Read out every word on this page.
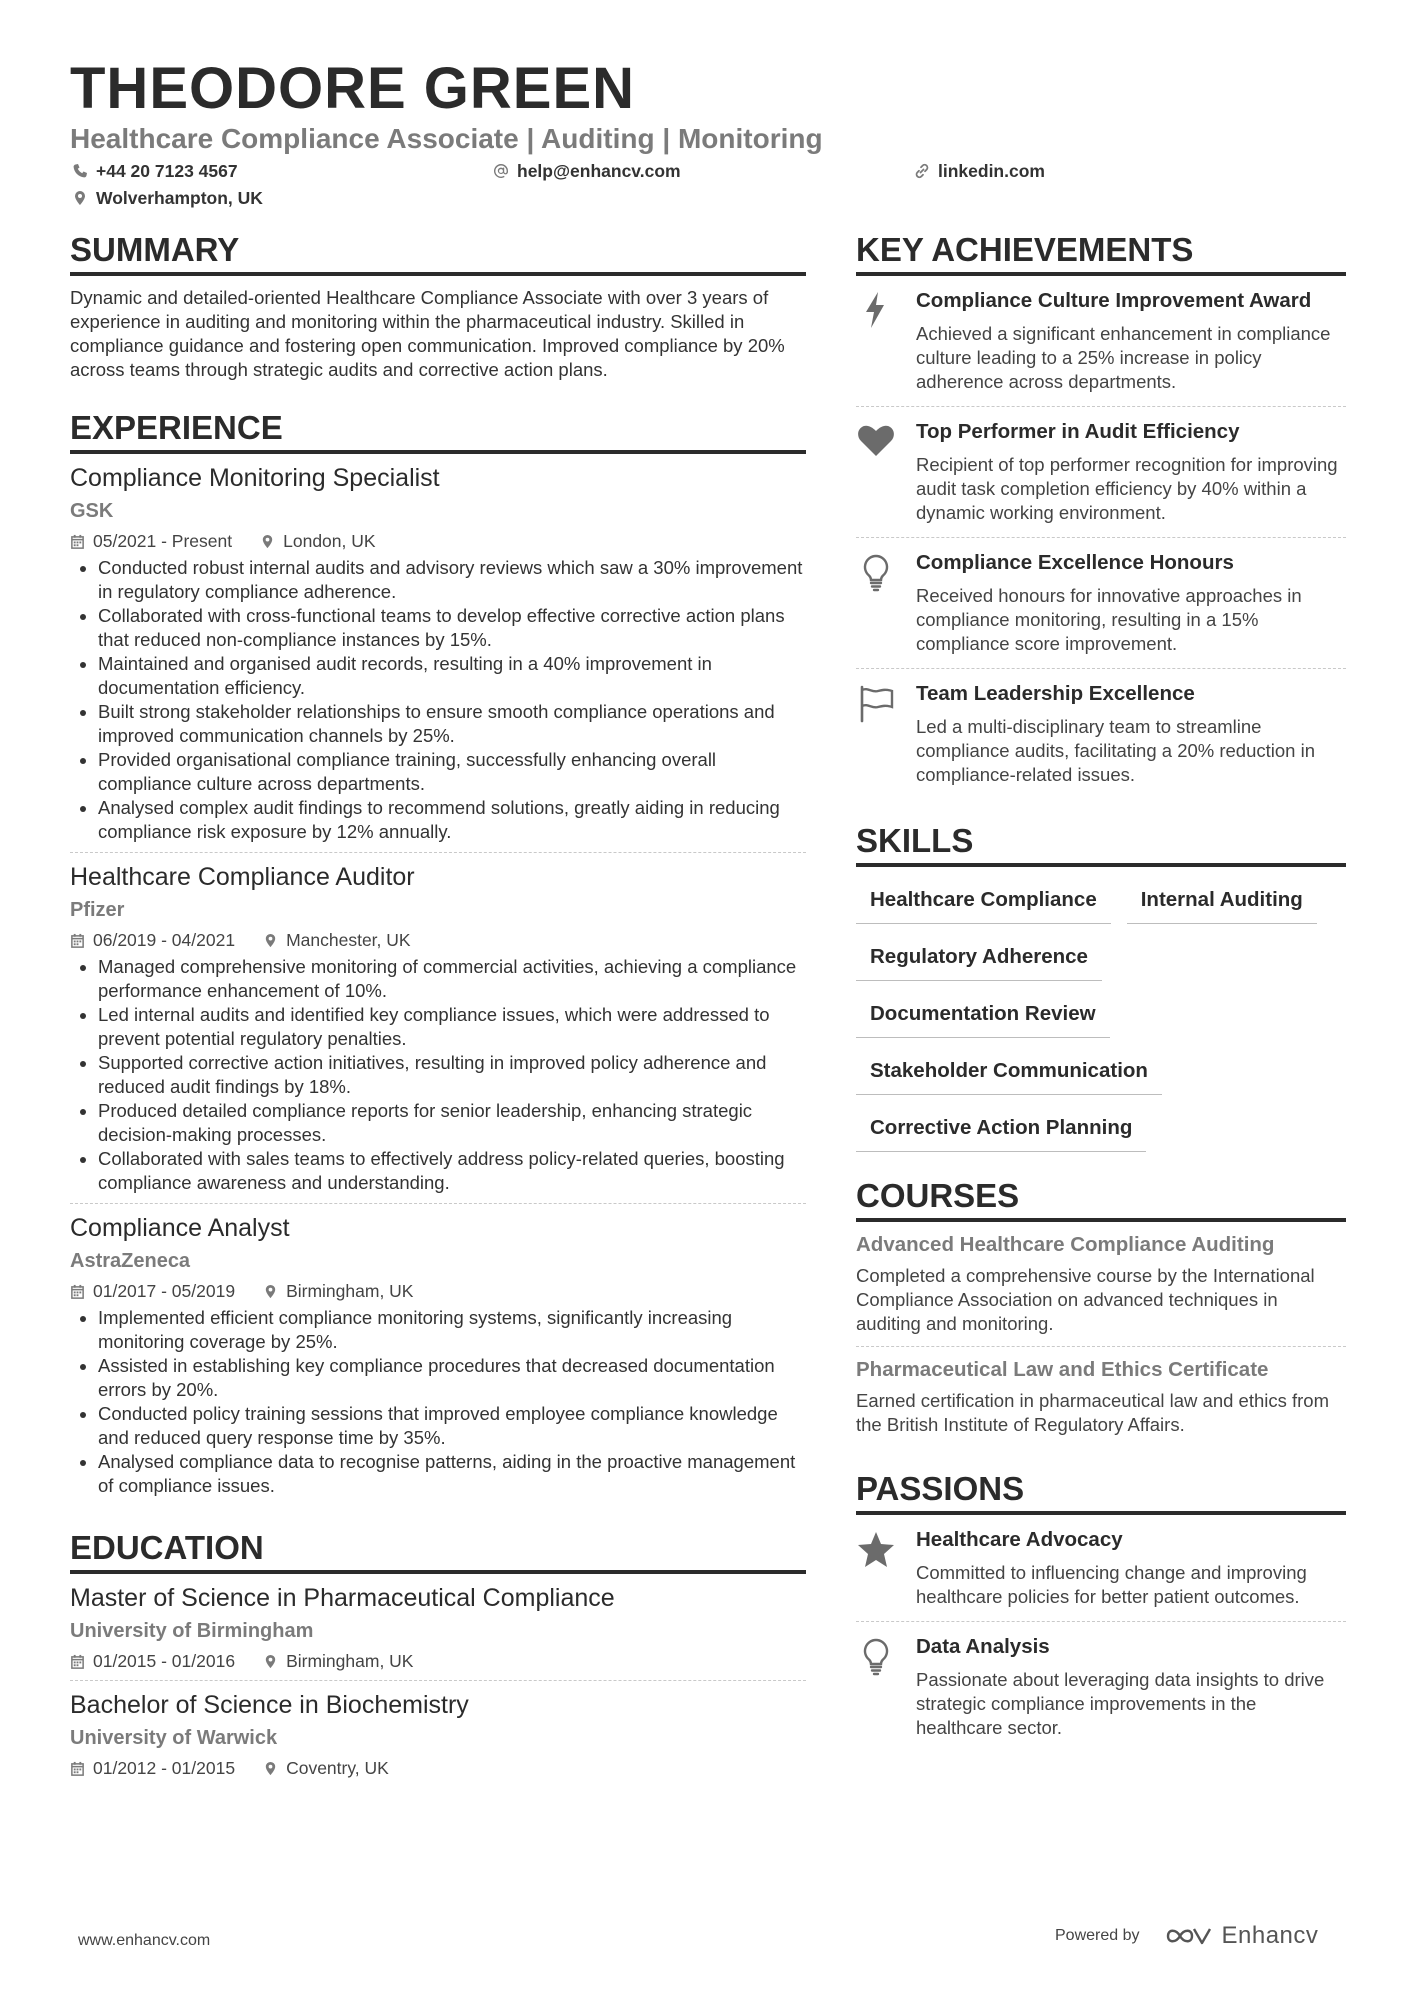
THEODORE GREEN
Healthcare Compliance Associate | Auditing | Monitoring
+44 20 7123 4567	help@enhancv.com	linkedin.com
Wolverhampton, UK
SUMMARY

Dynamic and detailed-oriented Healthcare Compliance Associate with over 3 years of experience in auditing and monitoring within the pharmaceutical industry. Skilled in compliance guidance and fostering open communication. Improved compliance by 20% across teams through strategic audits and corrective action plans.

EXPERIENCE
Compliance Monitoring Specialist
GSK
05/2021 - Present	London, UK
• Conducted robust internal audits and advisory reviews which saw a 30% improvement in regulatory compliance adherence.
• Collaborated with cross-functional teams to develop effective corrective action plans that reduced non-compliance instances by 15%.
• Maintained and organised audit records, resulting in a 40% improvement in documentation efficiency.
• Built strong stakeholder relationships to ensure smooth compliance operations and improved communication channels by 25%.
• Provided organisational compliance training, successfully enhancing overall compliance culture across departments.
• Analysed complex audit findings to recommend solutions, greatly aiding in reducing compliance risk exposure by 12% annually.
Healthcare Compliance Auditor
Pfizer
06/2019 - 04/2021	Manchester, UK
• Managed comprehensive monitoring of commercial activities, achieving a compliance performance enhancement of 10%.
• Led internal audits and identified key compliance issues, which were addressed to prevent potential regulatory penalties.
• Supported corrective action initiatives, resulting in improved policy adherence and reduced audit findings by 18%.
• Produced detailed compliance reports for senior leadership, enhancing strategic decision-making processes.
• Collaborated with sales teams to effectively address policy-related queries, boosting compliance awareness and understanding.
Compliance Analyst
AstraZeneca
01/2017 - 05/2019	Birmingham, UK
• Implemented efficient compliance monitoring systems, significantly increasing monitoring coverage by 25%.
• Assisted in establishing key compliance procedures that decreased documentation errors by 20%.
• Conducted policy training sessions that improved employee compliance knowledge and reduced query response time by 35%.
• Analysed compliance data to recognise patterns, aiding in the proactive management of compliance issues.
EDUCATION
Master of Science in Pharmaceutical Compliance
University of Birmingham
01/2015 - 01/2016	Birmingham, UK
Bachelor of Science in Biochemistry
University of Warwick
01/2012 - 01/2015	Coventry, UK
KEY ACHIEVEMENTS
Compliance Culture Improvement Award
Achieved a significant enhancement in compliance culture leading to a 25% increase in policy adherence across departments.
Top Performer in Audit Efficiency
Recipient of top performer recognition for improving audit task completion efficiency by 40% within a dynamic working environment.
Compliance Excellence Honours
Received honours for innovative approaches in compliance monitoring, resulting in a 15% compliance score improvement.
Team Leadership Excellence
Led a multi-disciplinary team to streamline compliance audits, facilitating a 20% reduction in compliance-related issues.
SKILLS
Healthcare Compliance	Internal Auditing
Regulatory Adherence
Documentation Review
Stakeholder Communication
Corrective Action Planning
COURSES
Advanced Healthcare Compliance Auditing
Completed a comprehensive course by the International Compliance Association on advanced techniques in auditing and monitoring.
Pharmaceutical Law and Ethics Certificate
Earned certification in pharmaceutical law and ethics from the British Institute of Regulatory Affairs.
PASSIONS
Healthcare Advocacy
Committed to influencing change and improving healthcare policies for better patient outcomes.
Data Analysis
Passionate about leveraging data insights to drive strategic compliance improvements in the healthcare sector.
www.enhancv.com	Powered by	Enhancv
